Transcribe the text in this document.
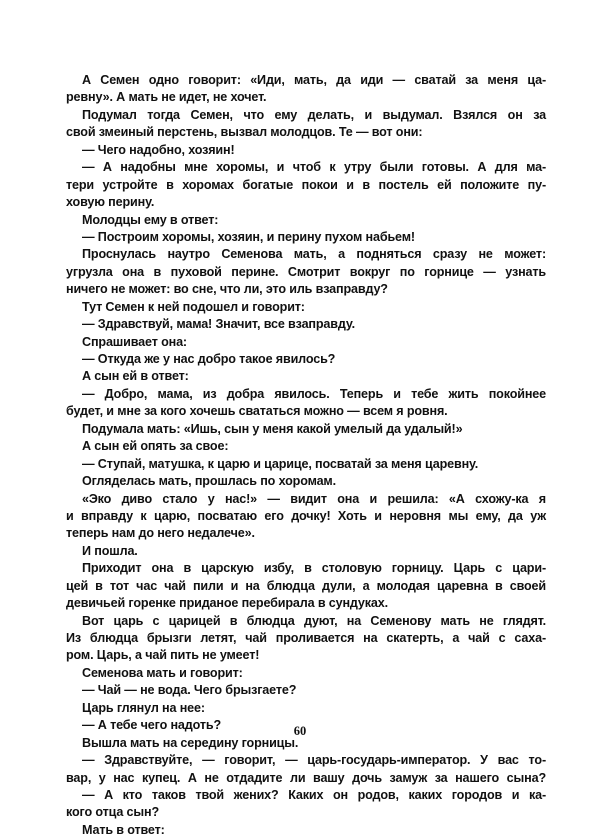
А Семен одно говорит: «Иди, мать, да иди — сватай за меня ца-
ревну». А мать не идет, не хочет.
Подумал тогда Семен, что ему делать, и выдумал. Взялся он за
свой змеиный перстень, вызвал молодцов. Те — вот они:
— Чего надобно, хозяин!
— А надобны мне хоромы, и чтоб к утру были готовы. А для ма-
тери устройте в хоромах богатые покои и в постель ей положите пу-
ховую перину.
Молодцы ему в ответ:
— Построим хоромы, хозяин, и перину пухом набьем!
Проснулась наутро Семенова мать, а подняться сразу не может:
угрузла она в пуховой перине. Смотрит вокруг по горнице — узнать
ничего не может: во сне, что ли, это иль взаправду?
Тут Семен к ней подошел и говорит:
— Здравствуй, мама! Значит, все взаправду.
Спрашивает она:
— Откуда же у нас добро такое явилось?
А сын ей в ответ:
— Добро, мама, из добра явилось. Теперь и тебе жить покойнее
будет, и мне за кого хочешь свататься можно — всем я ровня.
Подумала мать: «Ишь, сын у меня какой умелый да удалый!»
А сын ей опять за свое:
— Ступай, матушка, к царю и царице, посватай за меня царевну.
Огляделась мать, прошлась по хоромам.
«Эко диво стало у нас!» — видит она и решила: «А схожу-ка я
и вправду к царю, посватаю его дочку! Хоть и неровня мы ему, да уж
теперь нам до него недалече».
И пошла.
Приходит она в царскую избу, в столовую горницу. Царь с цари-
цей в тот час чай пили и на блюдца дули, а молодая царевна в своей
девичьей горенке приданое перебирала в сундуках.
Вот царь с царицей в блюдца дуют, на Семенову мать не глядят.
Из блюдца брызги летят, чай проливается на скатерть, а чай с саха-
ром. Царь, а чай пить не умеет!
Семенова мать и говорит:
— Чай — не вода. Чего брызгаете?
Царь глянул на нее:
— А тебе чего надоть?
Вышла мать на середину горницы.
— Здравствуйте, — говорит, — царь-государь-император. У вас то-
вар, у нас купец. А не отдадите ли вашу дочь замуж за нашего сына?
— А кто таков твой жених? Каких он родов, каких городов и ка-
кого отца сын?
Мать в ответ:
60
